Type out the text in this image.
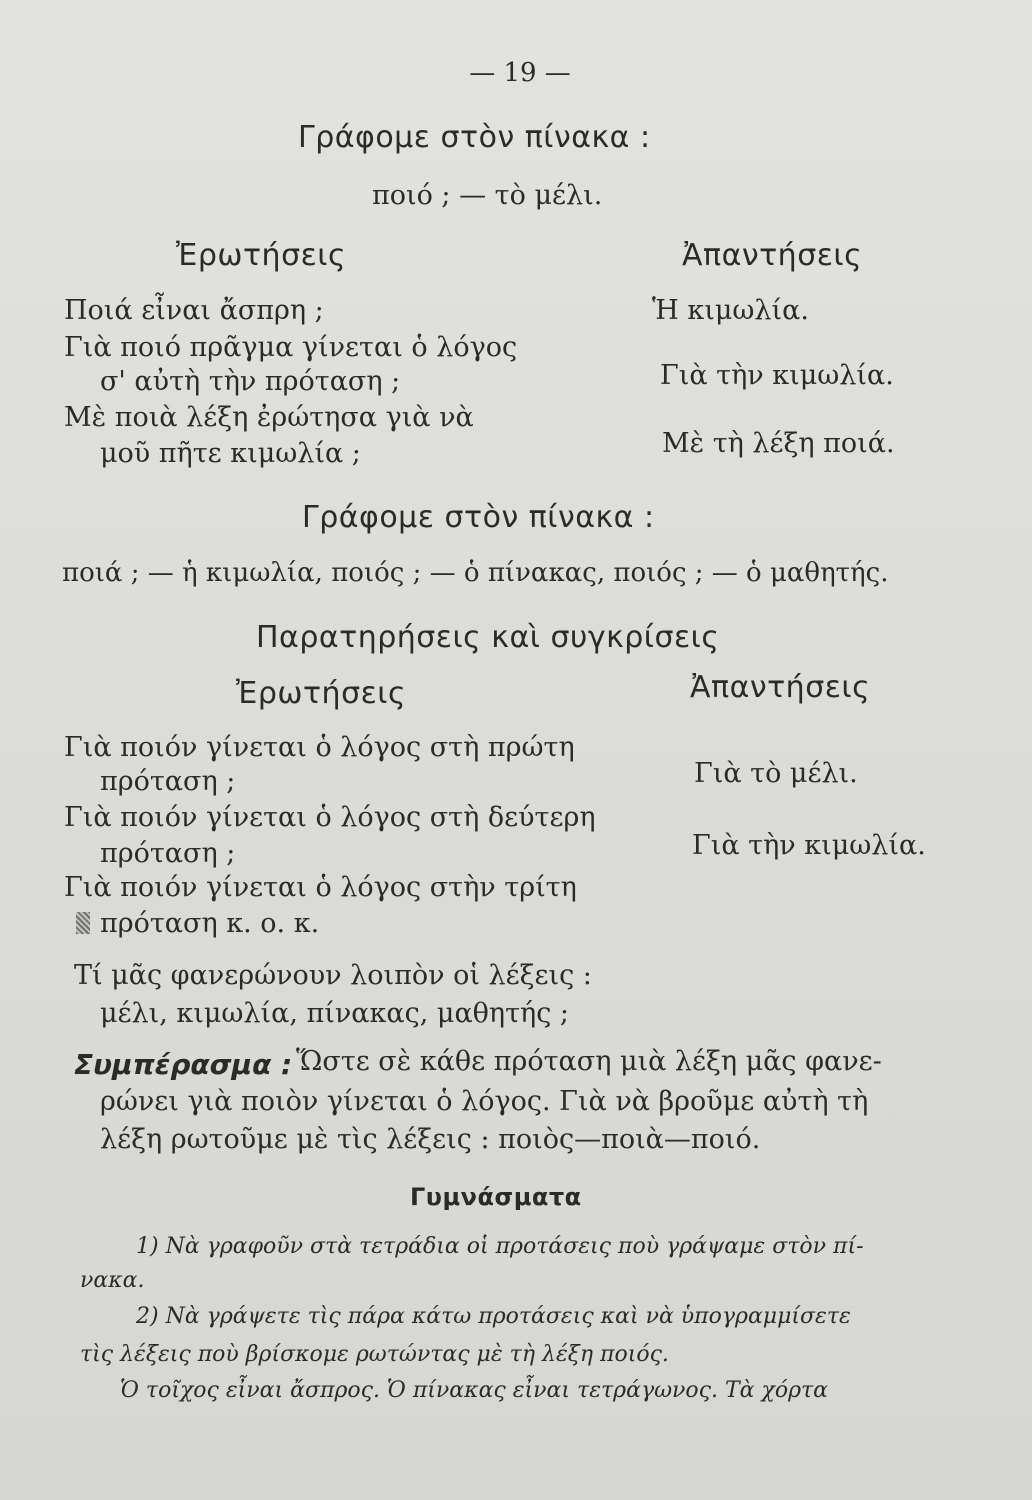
— 19 —
Γράφομε στὸν πίνακα :
ποιό ; — τὸ μέλι.
Ἐρωτήσεις	Ἀπαντήσεις
Ποιά εἶναι ἄσπρη ;
Γιὰ ποιό πρᾶγμα γίνεται ὁ λόγος
σ' αὐτὴ τὴν πρόταση ;
Μὲ ποιὰ λέξη ἐρώτησα γιὰ νὰ
μοῦ πῆτε κιμωλία ;
Ἡ κιμωλία.
Γιὰ τὴν κιμωλία.
Μὲ τὴ λέξη ποιά.
Γράφομε στὸν πίνακα :
ποιά ; — ἡ κιμωλία, ποιός ; — ὁ πίνακας, ποιός ; — ὁ μαθητής.
Παρατηρήσεις καὶ συγκρίσεις
Ἐρωτήσεις	Ἀπαντήσεις
Γιὰ ποιόν γίνεται ὁ λόγος στὴ πρώτη
πρόταση ;
Γιὰ ποιόν γίνεται ὁ λόγος στὴ δεύτερη
πρόταση ;
Γιὰ ποιόν γίνεται ὁ λόγος στὴν τρίτη
πρόταση κ. ο. κ.
Γιὰ τὸ μέλι.
Γιὰ τὴν κιμωλία.
Τί μᾶς φανερώνουν λοιπὸν οἱ λέξεις :
μέλι, κιμωλία, πίνακας, μαθητής ;
Συμπέρασμα : Ὥστε σὲ κάθε πρόταση μιὰ λέξη μᾶς φανε-
ρώνει γιὰ ποιὸν γίνεται ὁ λόγος. Γιὰ νὰ βροῦμε αὐτὴ τὴ
λέξη ρωτοῦμε μὲ τὶς λέξεις : ποιὸς—ποιὰ—ποιό.
Γυμνάσματα
1) Νὰ γραφοῦν στὰ τετράδια οἱ προτάσεις ποὺ γράψαμε στὸν πί-
νακα.
2) Νὰ γράψετε τὶς πάρα κάτω προτάσεις καὶ νὰ ὑπογραμμίσετε
τὶς λέξεις ποὺ βρίσκομε ρωτώντας μὲ τὴ λέξη ποιός.
Ὁ τοῖχος εἶναι ἄσπρος. Ὁ πίνακας εἶναι τετράγωνος. Τὰ χόρτα
